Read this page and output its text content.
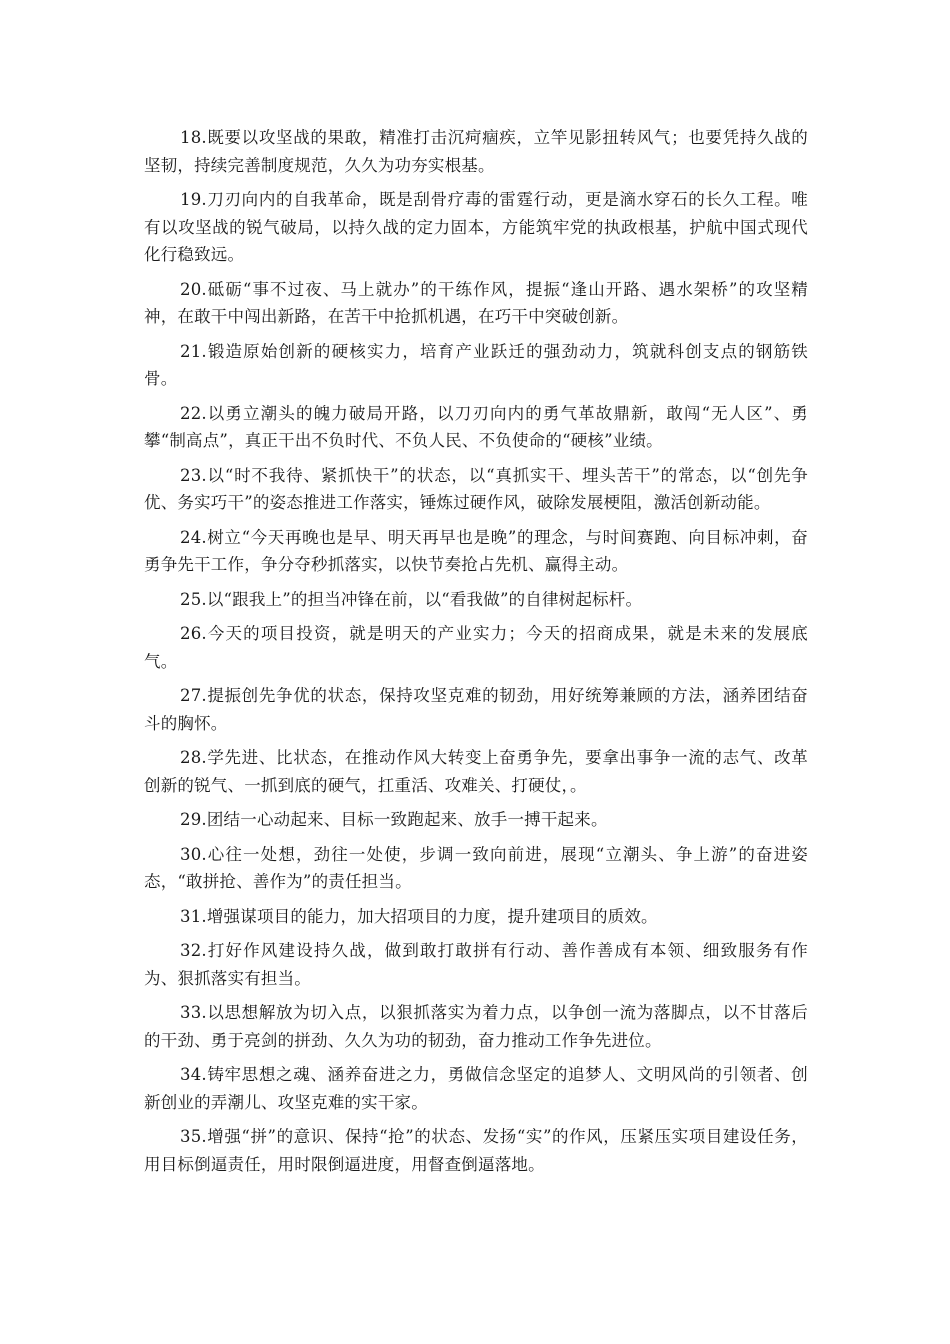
18.既要以攻坚战的果敢，精准打击沉疴痼疾，立竿见影扭转风气；也要凭持久战的坚韧，持续完善制度规范，久久为功夯实根基。

19.刀刃向内的自我革命，既是刮骨疗毒的雷霆行动，更是滴水穿石的长久工程。唯有以攻坚战的锐气破局，以持久战的定力固本，方能筑牢党的执政根基，护航中国式现代化行稳致远。

20.砥砺“事不过夜、马上就办”的干练作风，提振“逢山开路、遇水架桥”的攻坚精神，在敢干中闯出新路，在苦干中抢抓机遇，在巧干中突破创新。

21.锻造原始创新的硬核实力，培育产业跃迁的强劲动力，筑就科创支点的钢筋铁骨。

22.以勇立潮头的魄力破局开路，以刀刃向内的勇气革故鼎新，敢闯“无人区”、勇攀“制高点”，真正干出不负时代、不负人民、不负使命的“硬核”业绩。

23.以“时不我待、紧抓快干”的状态，以“真抓实干、埋头苦干”的常态，以“创先争优、务实巧干”的姿态推进工作落实，锤炼过硬作风，破除发展梗阻，激活创新动能。

24.树立“今天再晚也是早、明天再早也是晚”的理念，与时间赛跑、向目标冲刺，奋勇争先干工作，争分夺秒抓落实，以快节奏抢占先机、赢得主动。

25.以“跟我上”的担当冲锋在前，以“看我做”的自律树起标杆。

26.今天的项目投资，就是明天的产业实力；今天的招商成果，就是未来的发展底气。

27.提振创先争优的状态，保持攻坚克难的韧劲，用好统筹兼顾的方法，涵养团结奋斗的胸怀。

28.学先进、比状态，在推动作风大转变上奋勇争先，要拿出事争一流的志气、改革创新的锐气、一抓到底的硬气，扛重活、攻难关、打硬仗，。

29.团结一心动起来、目标一致跑起来、放手一搏干起来。

30.心往一处想，劲往一处使，步调一致向前进，展现“立潮头、争上游”的奋进姿态，“敢拼抢、善作为”的责任担当。

31.增强谋项目的能力，加大招项目的力度，提升建项目的质效。

32.打好作风建设持久战，做到敢打敢拼有行动、善作善成有本领、细致服务有作为、狠抓落实有担当。

33.以思想解放为切入点，以狠抓落实为着力点，以争创一流为落脚点，以不甘落后的干劲、勇于亮剑的拼劲、久久为功的韧劲，奋力推动工作争先进位。

34.铸牢思想之魂、涵养奋进之力，勇做信念坚定的追梦人、文明风尚的引领者、创新创业的弄潮儿、攻坚克难的实干家。

35.增强“拼”的意识、保持“抢”的状态、发扬“实”的作风，压紧压实项目建设任务，用目标倒逼责任，用时限倒逼进度，用督查倒逼落地。
